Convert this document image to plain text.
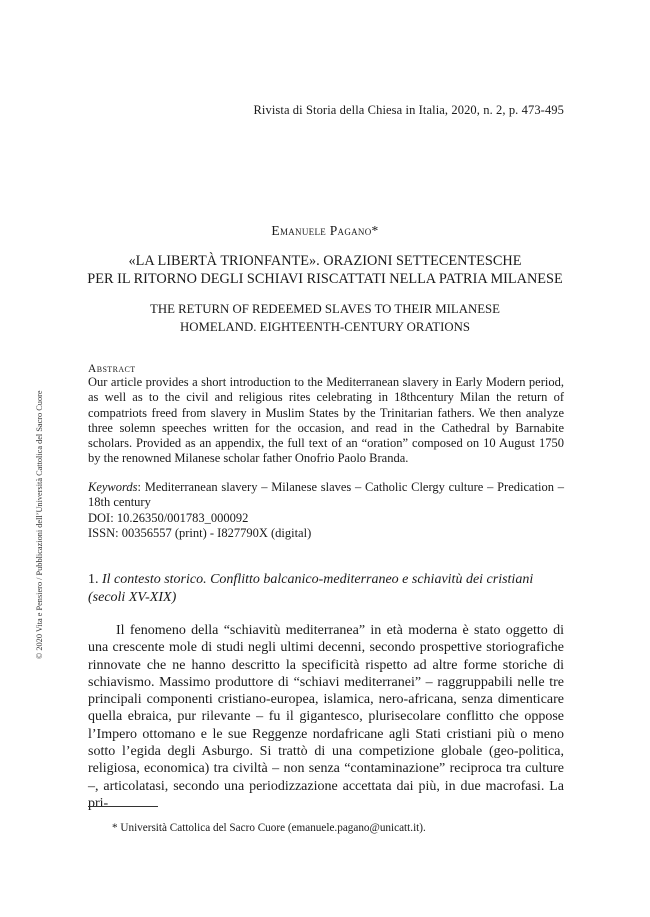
Rivista di Storia della Chiesa in Italia, 2020, n. 2, p. 473-495
Emanuele Pagano*
«LA LIBERTÀ TRIONFANTE». ORAZIONI SETTECENTESCHE
PER IL RITORNO DEGLI SCHIAVI RISCATTATI NELLA PATRIA MILANESE
THE RETURN OF REDEEMED SLAVES TO THEIR MILANESE
HOMELAND. EIGHTEENTH-CENTURY ORATIONS
Abstract
Our article provides a short introduction to the Mediterranean slavery in Early Modern period, as well as to the civil and religious rites celebrating in 18thcentury Milan the return of compatriots freed from slavery in Muslim States by the Trinitarian fathers. We then analyze three solemn speeches written for the occasion, and read in the Cathedral by Barnabite scholars. Provided as an appendix, the full text of an “oration” composed on 10 August 1750 by the renowned Milanese scholar father Onofrio Paolo Branda.
Keywords: Mediterranean slavery – Milanese slaves – Catholic Clergy culture – Predication – 18th century
DOI: 10.26350/001783_000092
ISSN: 00356557 (print) - I827790X (digital)
1. Il contesto storico. Conflitto balcanico-mediterraneo e schiavitù dei cristiani (secoli XV-XIX)
Il fenomeno della “schiavitù mediterranea” in età moderna è stato oggetto di una crescente mole di studi negli ultimi decenni, secondo prospettive storiografiche rinnovate che ne hanno descritto la specificità rispetto ad altre forme storiche di schiavismo. Massimo produttore di “schiavi mediterranei” – raggruppabili nelle tre principali componenti cristiano-europea, islamica, nero-africana, senza dimenticare quella ebraica, pur rilevante – fu il gigantesco, plurisecolare conflitto che oppose l’Impero ottomano e le sue Reggenze nordafricane agli Stati cristiani più o meno sotto l’egida degli Asburgo. Si trattò di una competizione globale (geo-politica, religiosa, economica) tra civiltà – non senza “contaminazione” reciproca tra culture –, articolatasi, secondo una periodizzazione accettata dai più, in due macrofasi. La pri-
* Università Cattolica del Sacro Cuore (emanuele.pagano@unicatt.it).
© 2020 Vita e Pensiero / Pubblicazioni dell’Università Cattolica del Sacro Cuore
